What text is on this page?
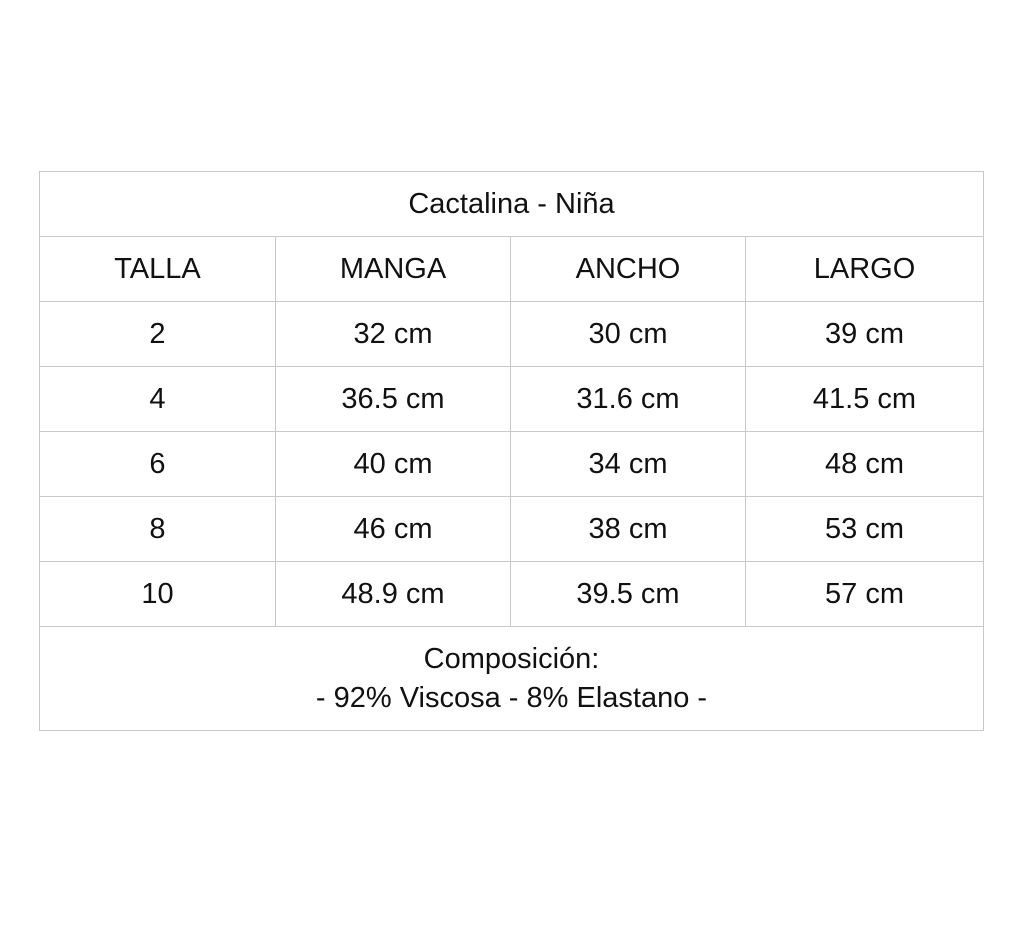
Cactalina - Niña			
TALLA	MANGA	ANCHO	LARGO
2	32 cm	30 cm	39 cm
4	36.5 cm	31.6 cm	41.5 cm
6	40 cm	34 cm	48 cm
8	46 cm	38 cm	53 cm
10	48.9 cm	39.5 cm	57 cm

Composición:
- 92% Viscosa - 8% Elastano -			
